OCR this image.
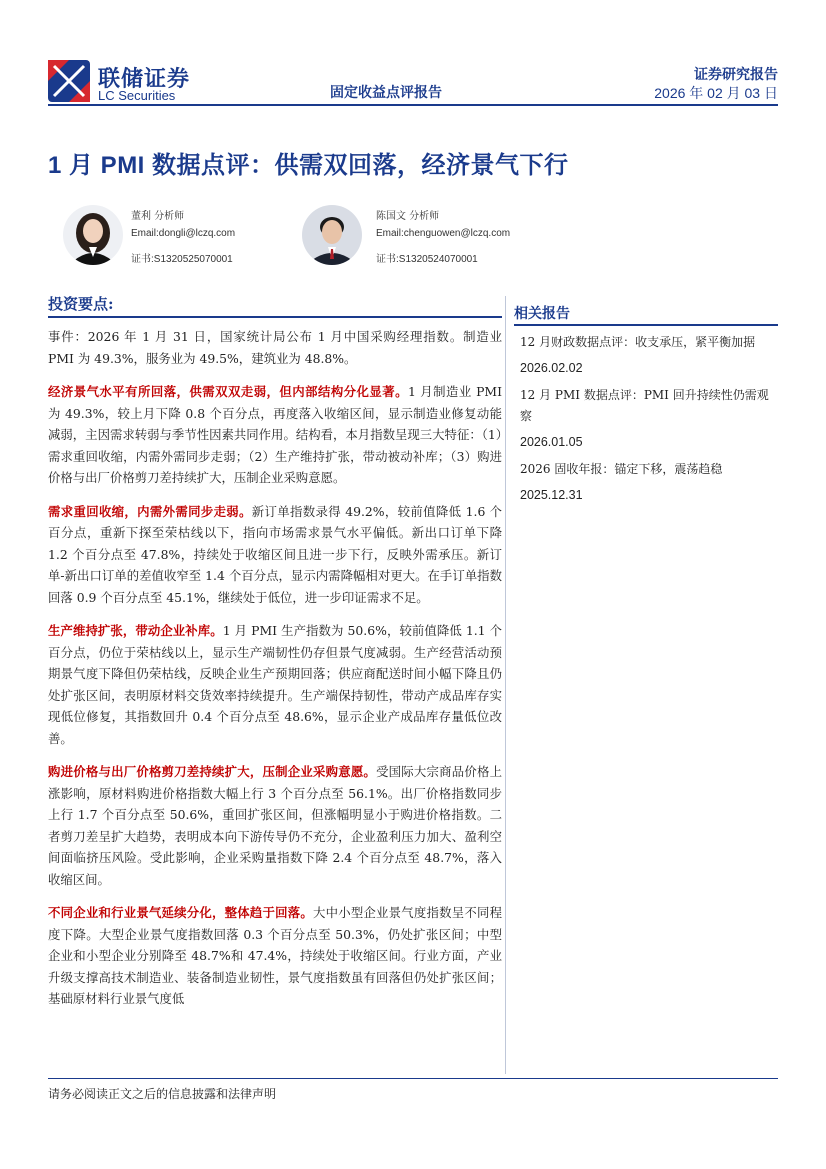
联储证券
LC Securities
证券研究报告
固定收益点评报告	2026 年 02 月 03 日
1 月 PMI 数据点评：供需双回落，经济景气下行
董利 分析师
Email:dongli@lczq.com
证书:S1320525070001
陈国文 分析师
Email:chenguowen@lczq.com
证书:S1320524070001
投资要点:

事件：2026 年 1 月 31 日，国家统计局公布 1 月中国采购经理指数。制造业 PMI 为 49.3%，服务业为 49.5%，建筑业为 48.8%。

经济景气水平有所回落，供需双双走弱，但内部结构分化显著。1 月制造业 PMI 为 49.3%，较上月下降 0.8 个百分点，再度落入收缩区间，显示制造业修复动能减弱，主因需求转弱与季节性因素共同作用。结构看，本月指数呈现三大特征：（1）需求重回收缩，内需外需同步走弱；（2）生产维持扩张，带动被动补库；（3）购进价格与出厂价格剪刀差持续扩大，压制企业采购意愿。

需求重回收缩，内需外需同步走弱。新订单指数录得 49.2%，较前值降低 1.6 个百分点，重新下探至荣枯线以下，指向市场需求景气水平偏低。新出口订单下降 1.2 个百分点至 47.8%，持续处于收缩区间且进一步下行，反映外需承压。新订单-新出口订单的差值收窄至 1.4 个百分点，显示内需降幅相对更大。在手订单指数回落 0.9 个百分点至 45.1%，继续处于低位，进一步印证需求不足。

生产维持扩张，带动企业补库。1 月 PMI 生产指数为 50.6%，较前值降低 1.1 个百分点，仍位于荣枯线以上，显示生产端韧性仍存但景气度减弱。生产经营活动预期景气度下降但仍荣枯线，反映企业生产预期回落；供应商配送时间小幅下降且仍处扩张区间，表明原材料交货效率持续提升。生产端保持韧性，带动产成品库存实现低位修复，其指数回升 0.4 个百分点至 48.6%，显示企业产成品库存量低位改善。

购进价格与出厂价格剪刀差持续扩大，压制企业采购意愿。受国际大宗商品价格上涨影响，原材料购进价格指数大幅上行 3 个百分点至 56.1%。出厂价格指数同步上行 1.7 个百分点至 50.6%，重回扩张区间，但涨幅明显小于购进价格指数。二者剪刀差呈扩大趋势，表明成本向下游传导仍不充分，企业盈利压力加大、盈利空间面临挤压风险。受此影响，企业采购量指数下降 2.4 个百分点至 48.7%，落入收缩区间。

不同企业和行业景气延续分化，整体趋于回落。大中小型企业景气度指数呈不同程度下降。大型企业景气度指数回落 0.3 个百分点至 50.3%，仍处扩张区间；中型企业和小型企业分别降至 48.7%和 47.4%，持续处于收缩区间。行业方面，产业升级支撑高技术制造业、装备制造业韧性，景气度指数虽有回落但仍处扩张区间；基础原材料行业景气度低

相关报告
12 月财政数据点评：收支承压，紧平衡加据
2026.02.02
12 月 PMI 数据点评：PMI 回升持续性仍需观察
2026.01.05
2026 固收年报：锚定下移，震荡趋稳
2025.12.31
请务必阅读正文之后的信息披露和法律声明
